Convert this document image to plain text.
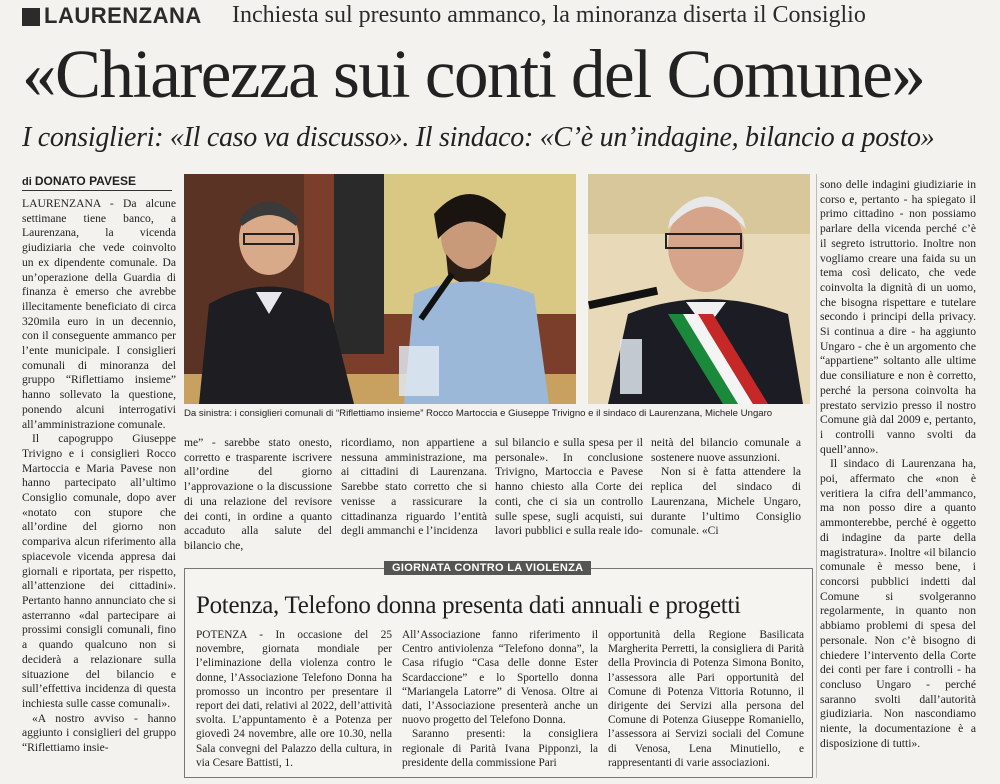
LAURENZANA Inchiesta sul presunto ammanco, la minoranza diserta il Consiglio
«Chiarezza sui conti del Comune»
I consiglieri: «Il caso va discusso». Il sindaco: «C’è un’indagine, bilancio a posto»
di DONATO PAVESE

LAURENZANA - Da alcune settimane tiene banco, a Laurenzana, la vicenda giudiziaria che vede coinvolto un ex dipendente comunale. Da un’operazione della Guardia di finanza è emerso che avrebbe illecitamente beneficiato di circa 320mila euro in un decennio, con il conseguente ammanco per l’ente municipale. I consiglieri comunali di minoranza del gruppo “Riflettiamo insieme” hanno sollevato la questione, ponendo alcuni interrogativi all’amministrazione comunale.

Il capogruppo Giuseppe Trivigno e i consiglieri Rocco Martoccia e Maria Pavese non hanno partecipato all’ultimo Consiglio comunale, dopo aver «notato con stupore che all’ordine del giorno non compariva alcun riferimento alla spiacevole vicenda appresa dai giornali e riportata, per rispetto, all’attenzione dei cittadini». Pertanto hanno annunciato che si asterranno «dal partecipare ai prossimi consigli comunali, fino a quando qualcuno non si deciderà a relazionare sulla situazione del bilancio e sull’effettiva incidenza di questa inchiesta sulle casse comunali».

«A nostro avviso - hanno aggiunto i consiglieri del gruppo “Riflettiamo insie-

Da sinistra: i consiglieri comunali di “Riflettiamo insieme” Rocco Martoccia e Giuseppe Trivigno e il sindaco di Laurenzana, Michele Ungaro

me” - sarebbe stato onesto, corretto e trasparente iscrivere all’ordine del giorno l’approvazione o la discussione di una relazione del revisore dei conti, in ordine a quanto accaduto alla salute del bilancio che,

ricordiamo, non appartiene a nessuna amministrazione, ma ai cittadini di Laurenzana. Sarebbe stato corretto che si venisse a rassicurare la cittadinanza riguardo l’entità degli ammanchi e l’incidenza

sul bilancio e sulla spesa per il personale». In conclusione Trivigno, Martoccia e Pavese hanno chiesto alla Corte dei conti, che ci sia un controllo sulle spese, sugli acquisti, sui lavori pubblici e sulla reale ido-

neità del bilancio comunale a sostenere nuove assunzioni.

Non si è fatta attendere la replica del sindaco di Laurenzana, Michele Ungaro, durante l’ultimo Consiglio comunale. «Ci

sono delle indagini giudiziarie in corso e, pertanto - ha spiegato il primo cittadino - non possiamo parlare della vicenda perché c’è il segreto istruttorio. Inoltre non vogliamo creare una faida su un tema così delicato, che vede coinvolta la dignità di un uomo, che bisogna rispettare e tutelare secondo i principi della privacy. Si continua a dire - ha aggiunto Ungaro - che è un argomento che “appartiene” soltanto alle ultime due consiliature e non è corretto, perché la persona coinvolta ha prestato servizio presso il nostro Comune già dal 2009 e, pertanto, i controlli vanno svolti da quell’anno».

Il sindaco di Laurenzana ha, poi, affermato che «non è veritiera la cifra dell’ammanco, ma non posso dire a quanto ammonterebbe, perché è oggetto di indagine da parte della magistratura». Inoltre «il bilancio comunale è messo bene, i concorsi pubblici indetti dal Comune si svolgeranno regolarmente, in quanto non abbiamo problemi di spesa del personale. Non c’è bisogno di chiedere l’intervento della Corte dei conti per fare i controlli - ha concluso Ungaro - perché saranno svolti dall’autorità giudiziaria. Non nascondiamo niente, la documentazione è a disposizione di tutti».

GIORNATA CONTRO LA VIOLENZA
Potenza, Telefono donna presenta dati annuali e progetti

POTENZA - In occasione del 25 novembre, giornata mondiale per l’eliminazione della violenza contro le donne, l’Associazione Telefono Donna ha promosso un incontro per presentare il report dei dati, relativi al 2022, dell’attività svolta. L’appuntamento è a Potenza per giovedì 24 novembre, alle ore 10.30, nella Sala convegni del Palazzo della cultura, in via Cesare Battisti, 1.

All’Associazione fanno riferimento il Centro antiviolenza “Telefono donna”, la Casa rifugio “Casa delle donne Ester Scardaccione” e lo Sportello donna “Mariangela Latorre” di Venosa. Oltre ai dati, l’Associazione presenterà anche un nuovo progetto del Telefono Donna.

Saranno presenti: la consigliera regionale di Parità Ivana Pipponzi, la presidente della commissione Pari

opportunità della Regione Basilicata Margherita Perretti, la consigliera di Parità della Provincia di Potenza Simona Bonito, l’assessora alle Pari opportunità del Comune di Potenza Vittoria Rotunno, il dirigente dei Servizi alla persona del Comune di Potenza Giuseppe Romaniello, l’assessora ai Servizi sociali del Comune di Venosa, Lena Minutiello, e rappresentanti di varie associazioni.
